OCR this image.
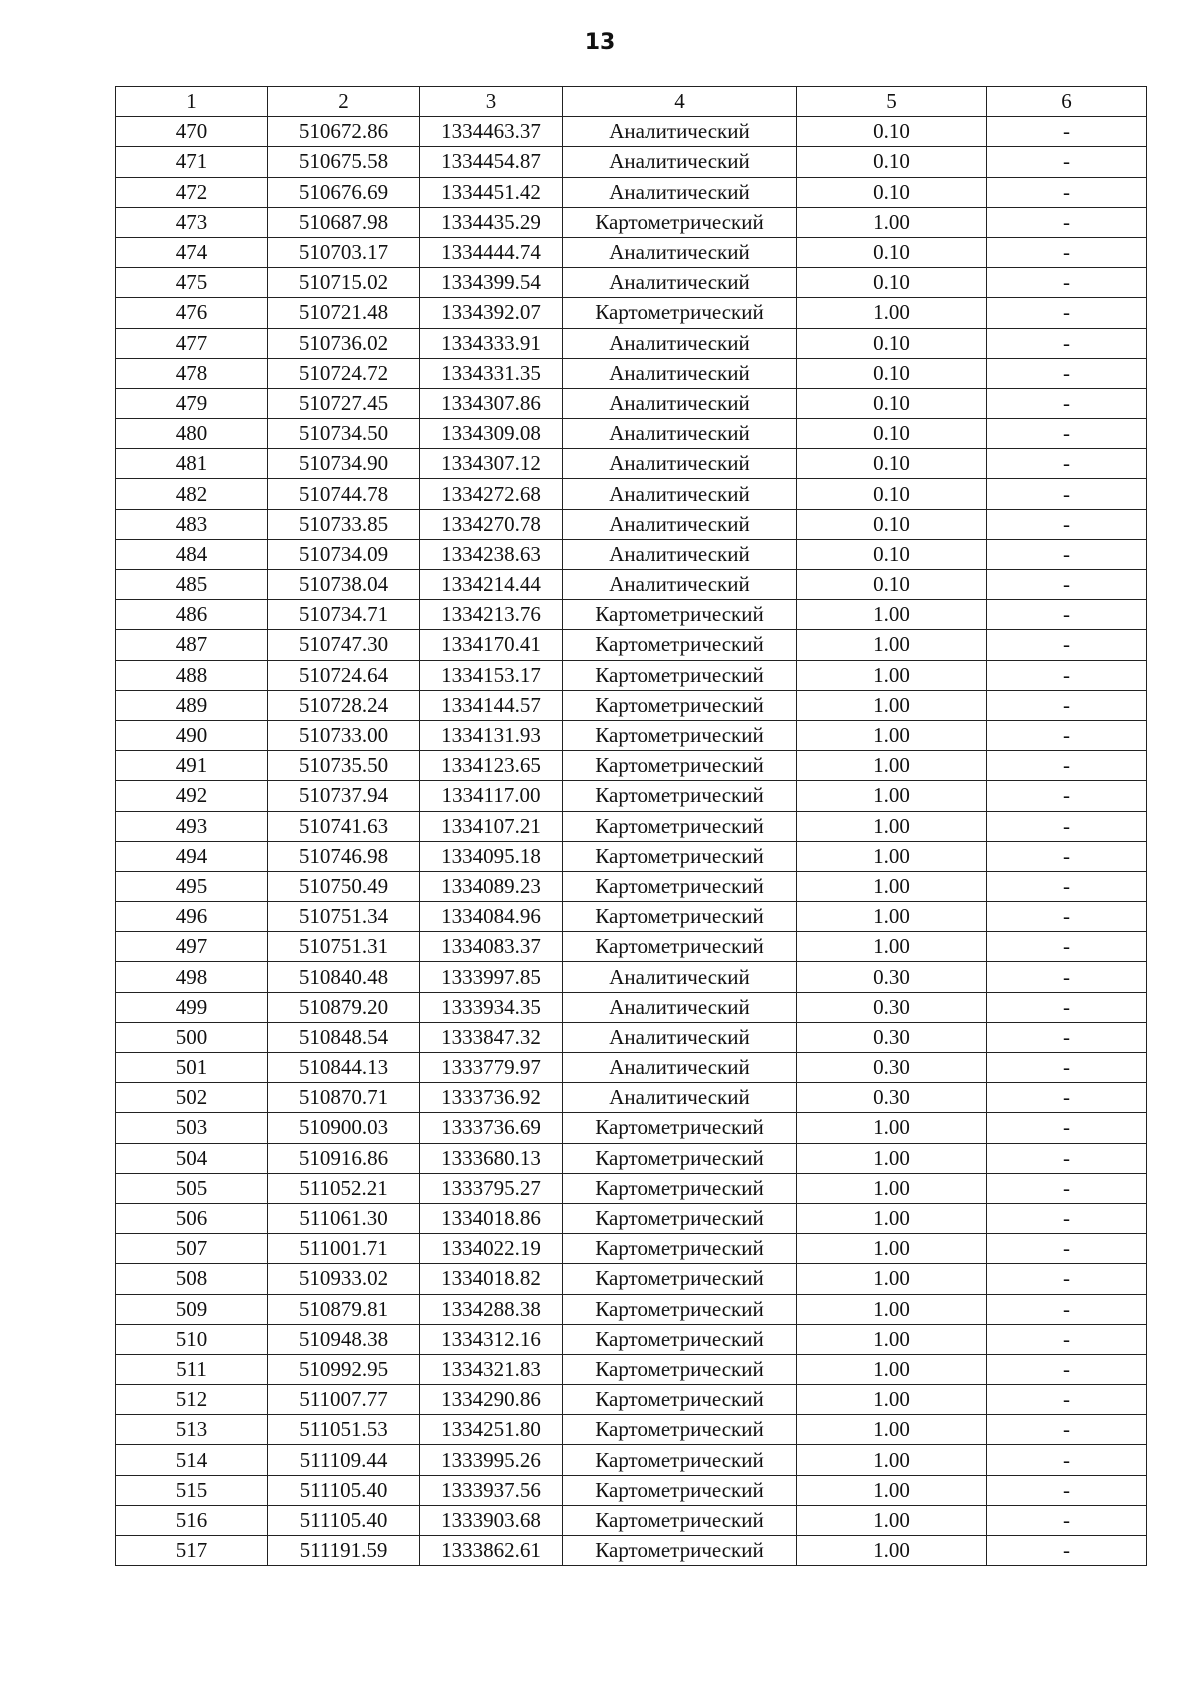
13
1	2	3	4	5	6
470	510672.86	1334463.37	Аналитический	0.10	-
471	510675.58	1334454.87	Аналитический	0.10	-
472	510676.69	1334451.42	Аналитический	0.10	-
473	510687.98	1334435.29	Картометрический	1.00	-
474	510703.17	1334444.74	Аналитический	0.10	-
475	510715.02	1334399.54	Аналитический	0.10	-
476	510721.48	1334392.07	Картометрический	1.00	-
477	510736.02	1334333.91	Аналитический	0.10	-
478	510724.72	1334331.35	Аналитический	0.10	-
479	510727.45	1334307.86	Аналитический	0.10	-
480	510734.50	1334309.08	Аналитический	0.10	-
481	510734.90	1334307.12	Аналитический	0.10	-
482	510744.78	1334272.68	Аналитический	0.10	-
483	510733.85	1334270.78	Аналитический	0.10	-
484	510734.09	1334238.63	Аналитический	0.10	-
485	510738.04	1334214.44	Аналитический	0.10	-
486	510734.71	1334213.76	Картометрический	1.00	-
487	510747.30	1334170.41	Картометрический	1.00	-
488	510724.64	1334153.17	Картометрический	1.00	-
489	510728.24	1334144.57	Картометрический	1.00	-
490	510733.00	1334131.93	Картометрический	1.00	-
491	510735.50	1334123.65	Картометрический	1.00	-
492	510737.94	1334117.00	Картометрический	1.00	-
493	510741.63	1334107.21	Картометрический	1.00	-
494	510746.98	1334095.18	Картометрический	1.00	-
495	510750.49	1334089.23	Картометрический	1.00	-
496	510751.34	1334084.96	Картометрический	1.00	-
497	510751.31	1334083.37	Картометрический	1.00	-
498	510840.48	1333997.85	Аналитический	0.30	-
499	510879.20	1333934.35	Аналитический	0.30	-
500	510848.54	1333847.32	Аналитический	0.30	-
501	510844.13	1333779.97	Аналитический	0.30	-
502	510870.71	1333736.92	Аналитический	0.30	-
503	510900.03	1333736.69	Картометрический	1.00	-
504	510916.86	1333680.13	Картометрический	1.00	-
505	511052.21	1333795.27	Картометрический	1.00	-
506	511061.30	1334018.86	Картометрический	1.00	-
507	511001.71	1334022.19	Картометрический	1.00	-
508	510933.02	1334018.82	Картометрический	1.00	-
509	510879.81	1334288.38	Картометрический	1.00	-
510	510948.38	1334312.16	Картометрический	1.00	-
511	510992.95	1334321.83	Картометрический	1.00	-
512	511007.77	1334290.86	Картометрический	1.00	-
513	511051.53	1334251.80	Картометрический	1.00	-
514	511109.44	1333995.26	Картометрический	1.00	-
515	511105.40	1333937.56	Картометрический	1.00	-
516	511105.40	1333903.68	Картометрический	1.00	-
517	511191.59	1333862.61	Картометрический	1.00	-
